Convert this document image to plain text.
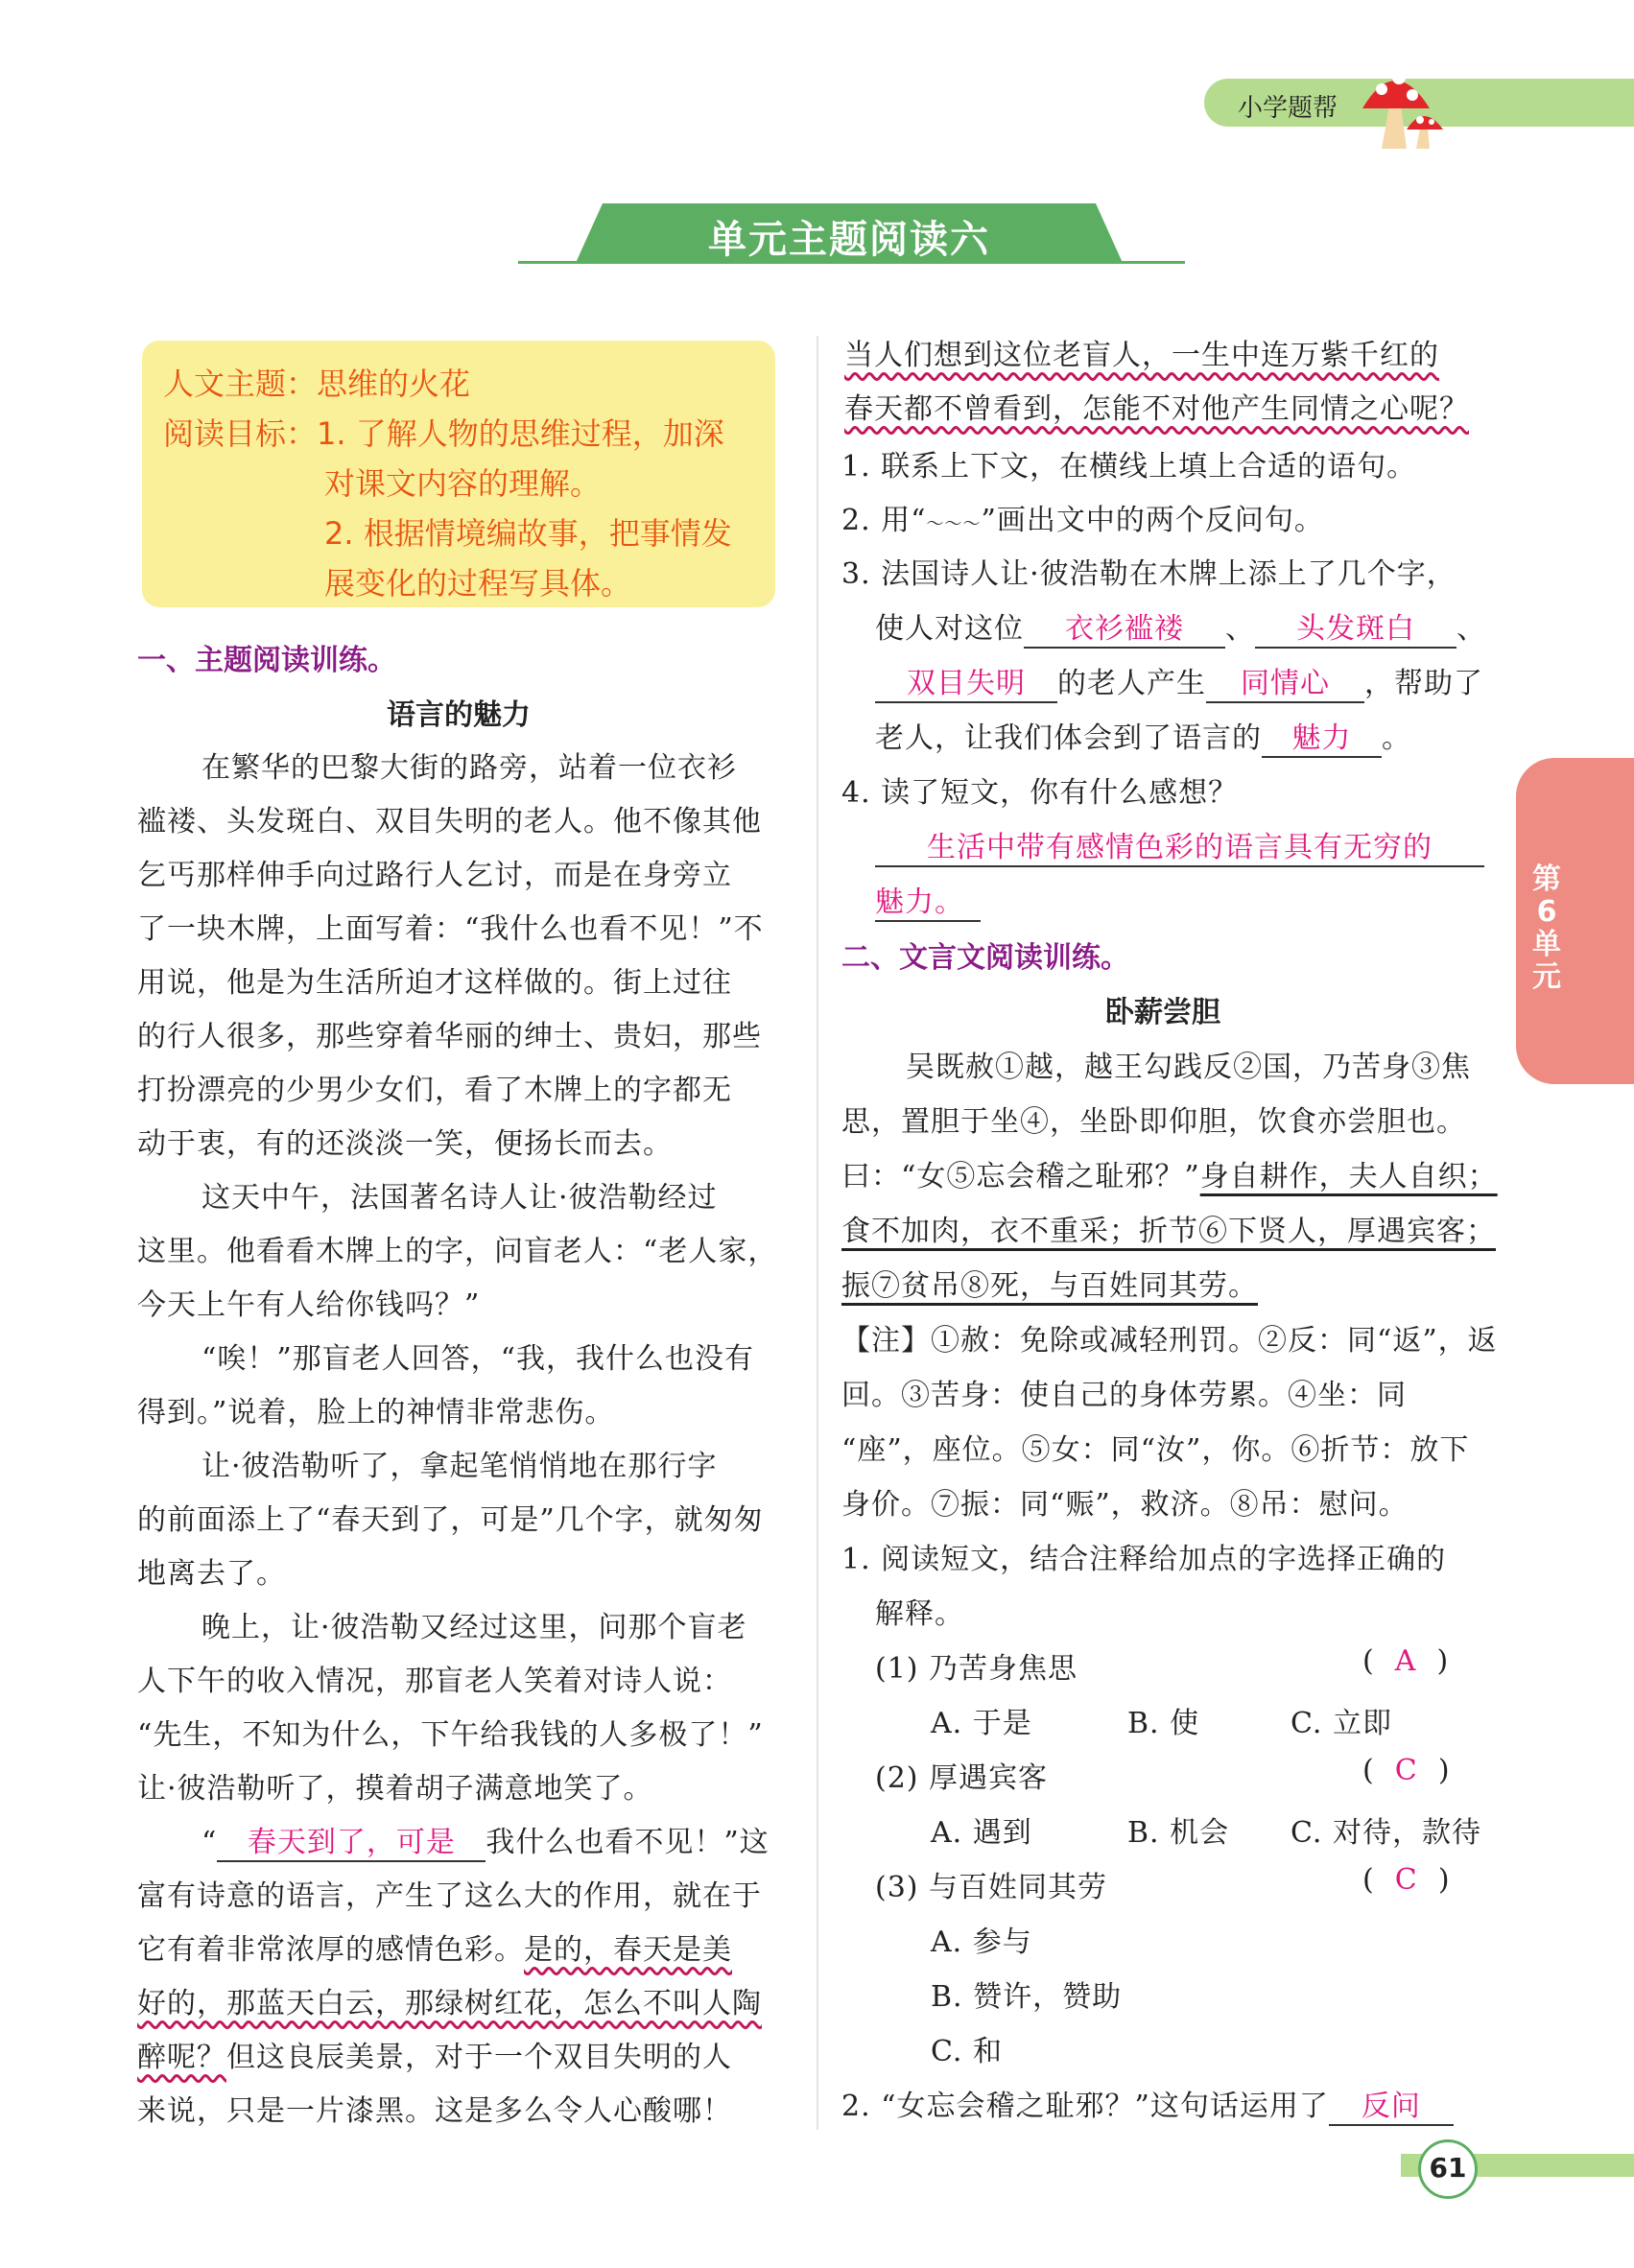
小学题帮
单元主题阅读六
人文主题：思维的火花
阅读目标：1. 了解人物的思维过程，加深
对课文内容的理解。
2. 根据情境编故事，把事情发
展变化的过程写具体。
一、主题阅读训练。
语言的魅力
在繁华的巴黎大街的路旁，站着一位衣衫
褴褛、头发斑白、双目失明的老人。他不像其他
乞丐那样伸手向过路行人乞讨，而是在身旁立
了一块木牌，上面写着：“我什么也看不见！”不
用说，他是为生活所迫才这样做的。街上过往
的行人很多，那些穿着华丽的绅士、贵妇，那些
打扮漂亮的少男少女们，看了木牌上的字都无
动于衷，有的还淡淡一笑，便扬长而去。
这天中午，法国著名诗人让·彼浩勒经过
这里。他看看木牌上的字，问盲老人：“老人家，
今天上午有人给你钱吗？”
“唉！”那盲老人回答，“我，我什么也没有
得到。”说着，脸上的神情非常悲伤。
让·彼浩勒听了，拿起笔悄悄地在那行字
的前面添上了“春天到了，可是”几个字，就匆匆
地离去了。
晚上，让·彼浩勒又经过这里，问那个盲老
人下午的收入情况，那盲老人笑着对诗人说：
“先生，不知为什么，下午给我钱的人多极了！”
让·彼浩勒听了，摸着胡子满意地笑了。
“ 春天到了，可是 我什么也看不见！”这
富有诗意的语言，产生了这么大的作用，就在于
它有着非常浓厚的感情色彩。是的，春天是美
好的，那蓝天白云，那绿树红花，怎么不叫人陶
醉呢？但这良辰美景，对于一个双目失明的人
来说，只是一片漆黑。这是多么令人心酸哪！
当人们想到这位老盲人，一生中连万紫千红的
春天都不曾看到，怎能不对他产生同情之心呢？
1. 联系上下文，在横线上填上合适的语句。
2. 用“～～～”画出文中的两个反问句。
3. 法国诗人让·彼浩勒在木牌上添上了几个字，
使人对这位 衣衫褴褛 、 头发斑白 、
双目失明 的老人产生 同情心 ，帮助了
老人，让我们体会到了语言的 魅力 。
4. 读了短文，你有什么感想？
生活中带有感情色彩的语言具有无穷的
魅力。
二、文言文阅读训练。
卧薪尝胆
吴既赦①越，越王勾践反②国，乃苦身③焦
思，置胆于坐④，坐卧即仰胆，饮食亦尝胆也。
曰：“女⑤忘会稽之耻邪？”身自耕作，夫人自织；
食不加肉，衣不重采；折节⑥下贤人，厚遇宾客；
振⑦贫吊⑧死，与百姓同其劳。
【注】①赦：免除或减轻刑罚。②反：同“返”，返
回。③苦身：使自己的身体劳累。④坐：同
“座”，座位。⑤女：同“汝”，你。⑥折节：放下
身价。⑦振：同“赈”，救济。⑧吊：慰问。
1. 阅读短文，结合注释给加点的字选择正确的
解释。
(1) 乃苦身焦思	(  A  )
A. 于是	B. 使	C. 立即
(2) 厚遇宾客	(  C  )
A. 遇到	B. 机会 C. 对待，款待
(3) 与百姓同其劳	(  C  )
A. 参与
B. 赞许，赞助
C. 和
2. “女忘会稽之耻邪？”这句话运用了 反问
第6单元
61
